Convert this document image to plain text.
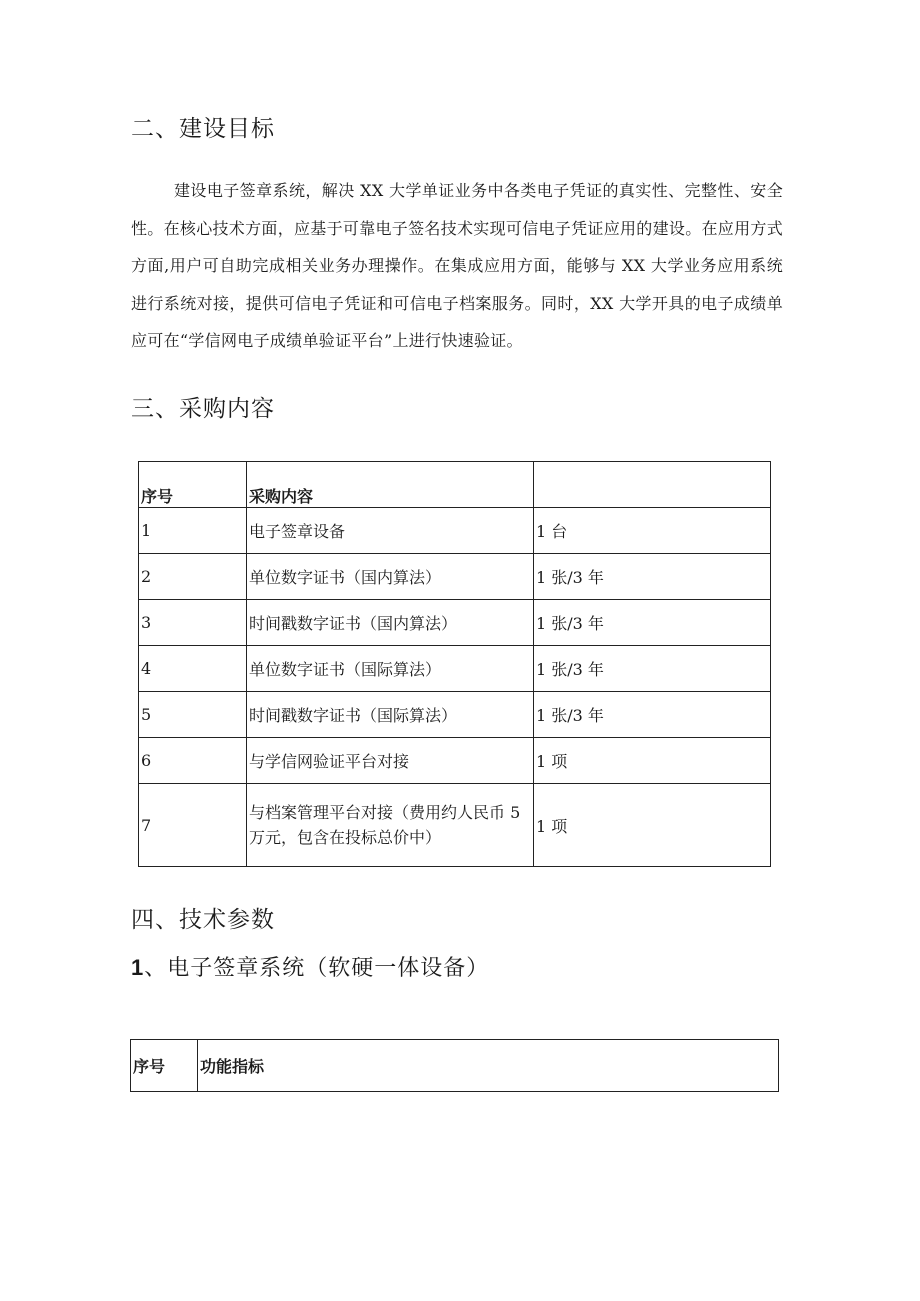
二、建设目标

建设电子签章系统，解决 XX 大学单证业务中各类电子凭证的真实性、完整性、安全性。在核心技术方面，应基于可靠电子签名技术实现可信电子凭证应用的建设。在应用方式方面,用户可自助完成相关业务办理操作。在集成应用方面，能够与 XX 大学业务应用系统进行系统对接，提供可信电子凭证和可信电子档案服务。同时，XX 大学开具的电子成绩单应可在“学信网电子成绩单验证平台”上进行快速验证。

三、采购内容
序号	采购内容	
1	电子签章设备	1 台
2	单位数字证书（国内算法）	1 张/3 年
3	时间戳数字证书（国内算法）	1 张/3 年
4	单位数字证书（国际算法）	1 张/3 年
5	时间戳数字证书（国际算法）	1 张/3 年
6	与学信网验证平台对接	1 项
7	与档案管理平台对接（费用约人民币 5 万元，包含在投标总价中）	1 项
四、技术参数
1、电子签章系统（软硬一体设备）
序号	功能指标
